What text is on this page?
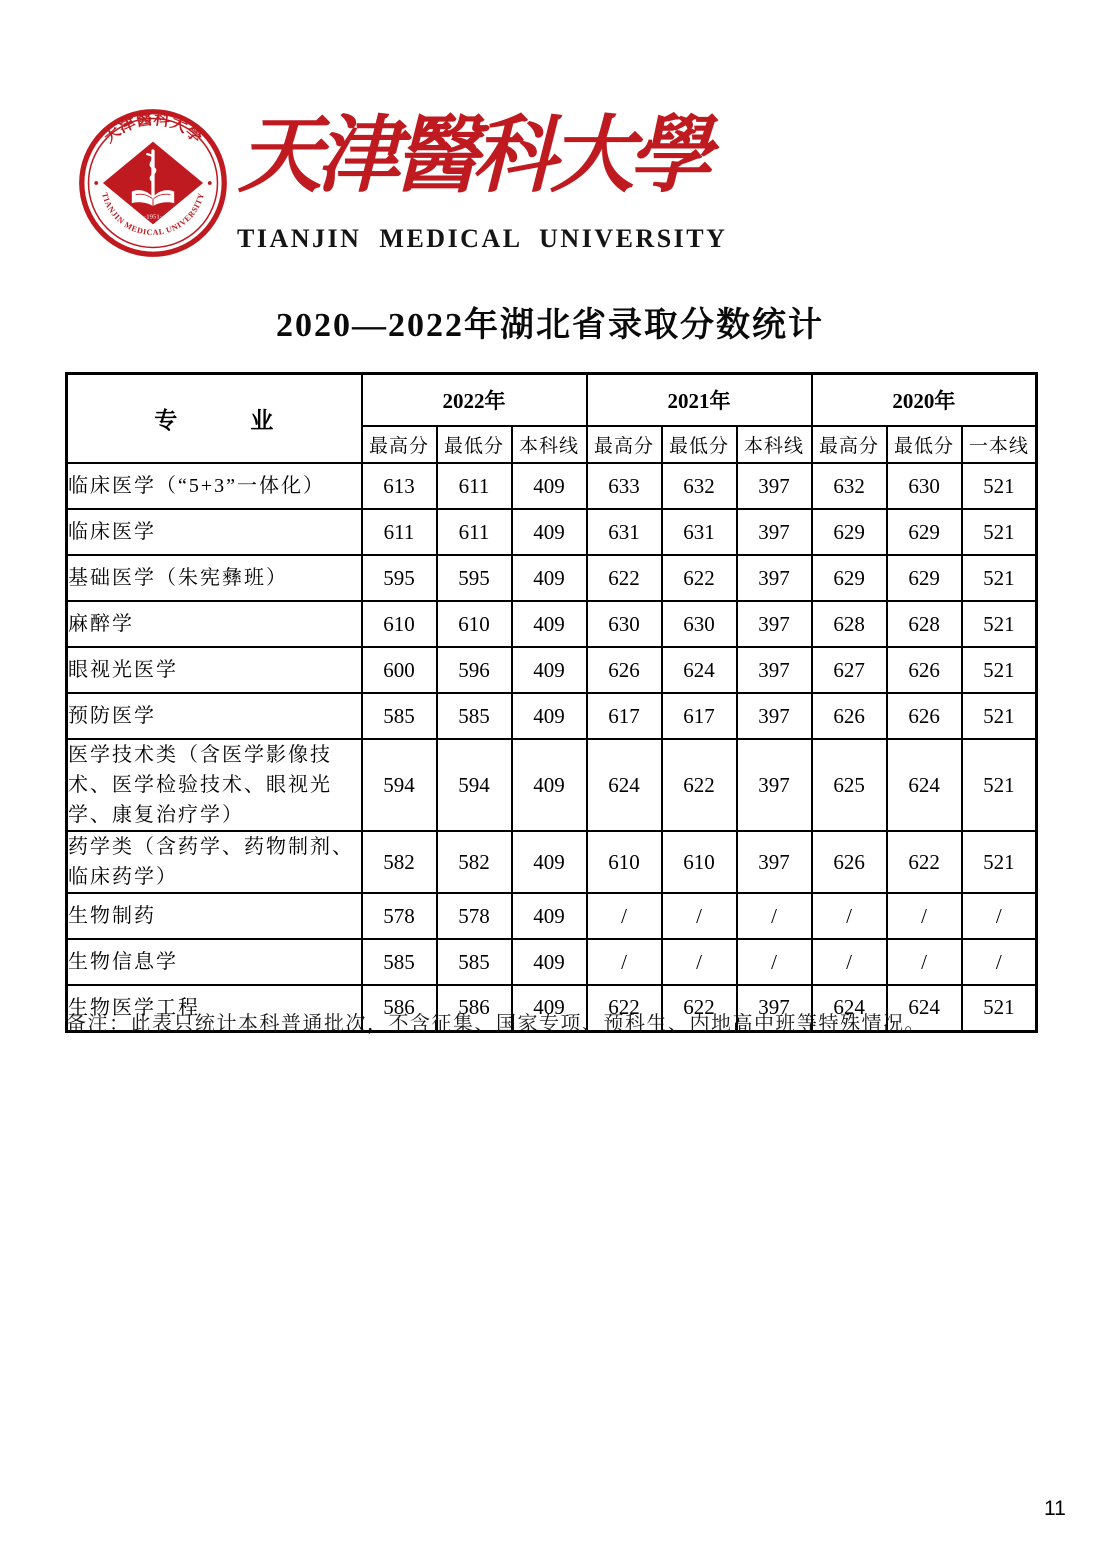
天津醫科大學
TIANJIN MEDICAL UNIVERSITY
·1951·
天津醫科大學
TIANJIN MEDICAL UNIVERSITY
2020—2022年湖北省录取分数统计
专　　　业	2022年			2021年			2020年		
	最高分	最低分	本科线	最高分	最低分	本科线	最高分	最低分	一本线
临床医学（“5+3”一体化）	613	611	409	633	632	397	632	630	521
临床医学	611	611	409	631	631	397	629	629	521
基础医学（朱宪彝班）	595	595	409	622	622	397	629	629	521
麻醉学	610	610	409	630	630	397	628	628	521
眼视光医学	600	596	409	626	624	397	627	626	521
预防医学	585	585	409	617	617	397	626	626	521
医学技术类（含医学影像技术、医学检验技术、眼视光学、康复治疗学）	594	594	409	624	622	397	625	624	521
药学类（含药学、药物制剂、临床药学）	582	582	409	610	610	397	626	622	521
生物制药	578	578	409	/	/	/	/	/	/
生物信息学	585	585	409	/	/	/	/	/	/
生物医学工程	586	586	409	622	622	397	624	624	521

备注：此表只统计本科普通批次，不含征集、国家专项、预科生、内地高中班等特殊情况。

11
